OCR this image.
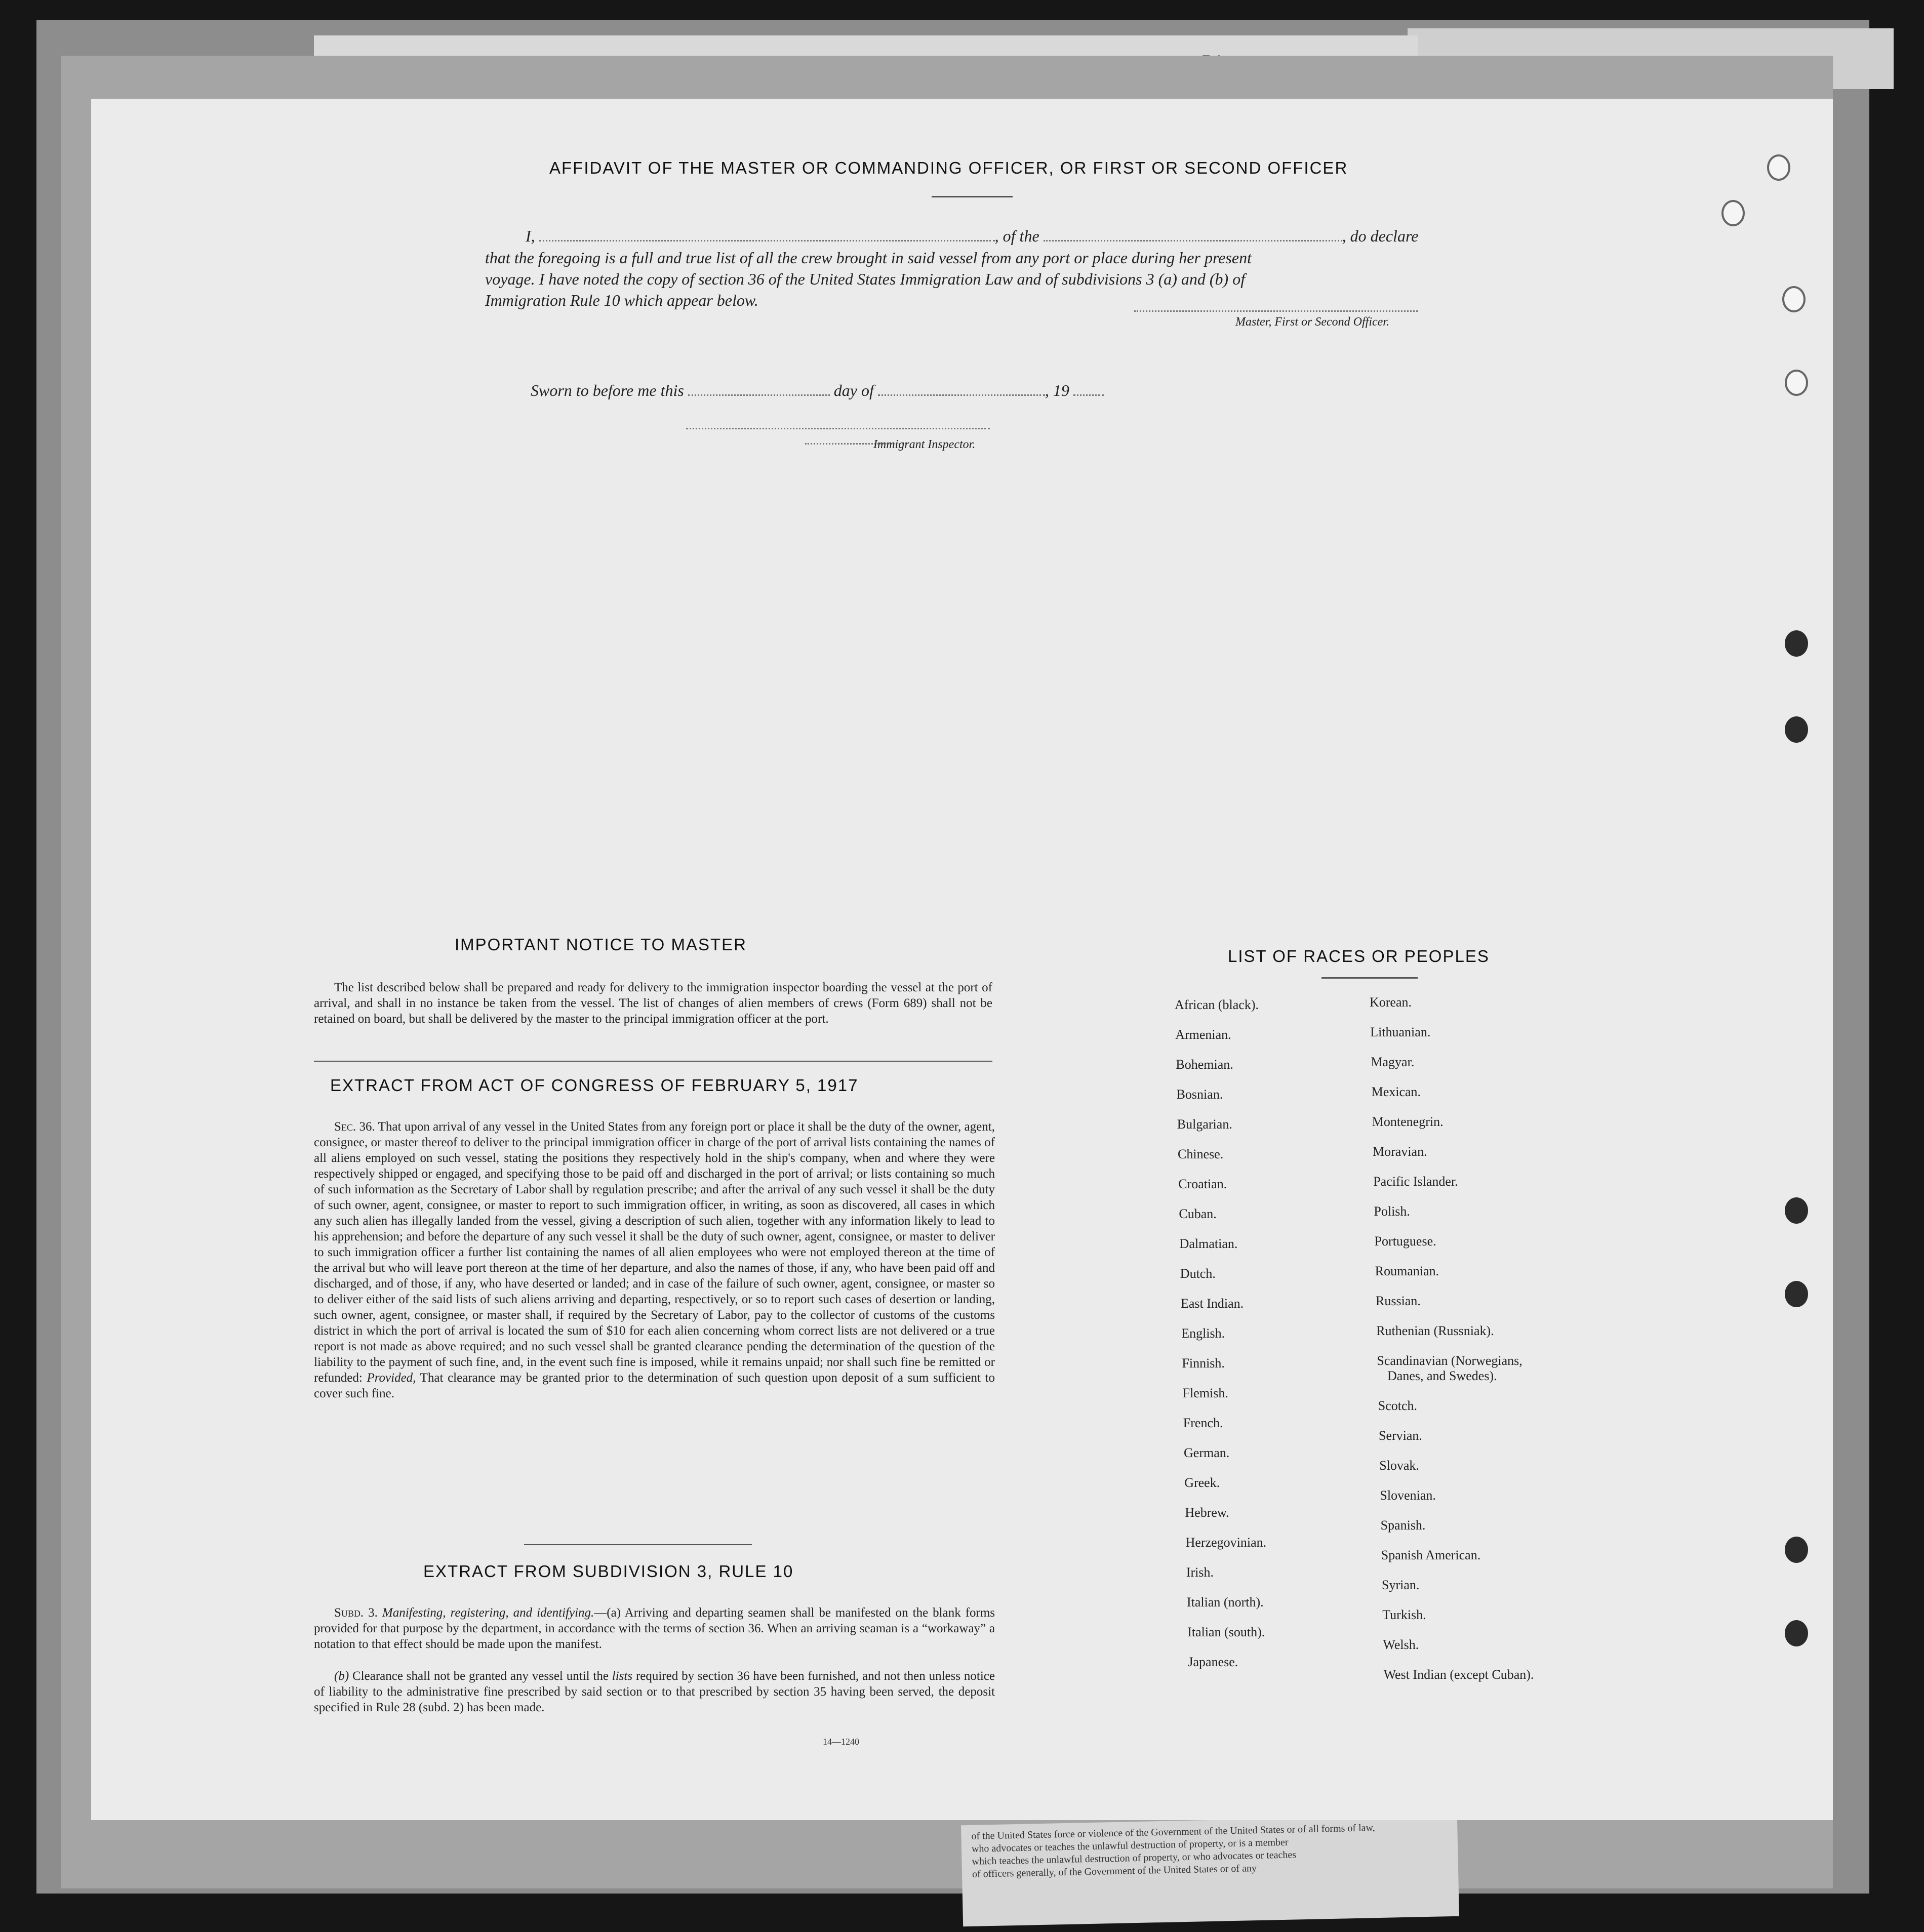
of the United States force or violence of the Government of the United States or of all forms of law,
who advocates or teaches the unlawful destruction of property, or is a member
which teaches the unlawful destruction of property, or who advocates or teaches
of officers generally, of the Government of the United States or of any
AFFIDAVIT OF THE MASTER OR COMMANDING OFFICER, OR FIRST OR SECOND OFFICER
I,	, of the	, do declare
that the foregoing is a full and true list of all the crew brought in said vessel from any port or place during her present
voyage. I have noted the copy of section 36 of the United States Immigration Law and of subdivisions 3 (a) and (b) of
Immigration Rule 10 which appear below.
Master, First or Second Officer.
Sworn to before me this	day of	, 19
Immigrant Inspector.
IMPORTANT NOTICE TO MASTER
The list described below shall be prepared and ready for delivery to the immigration inspector boarding the vessel at the port of arrival, and shall in no instance be taken from the vessel. The list of changes of alien members of crews (Form 689) shall not be retained on board, but shall be delivered by the master to the principal immigration officer at the port.
EXTRACT FROM ACT OF CONGRESS OF FEBRUARY 5, 1917
Sec. 36. That upon arrival of any vessel in the United States from any foreign port or place it shall be the duty of the owner, agent, consignee, or master thereof to deliver to the principal immigration officer in charge of the port of arrival lists containing the names of all aliens employed on such vessel, stating the positions they respectively hold in the ship's company, when and where they were respectively shipped or engaged, and specifying those to be paid off and discharged in the port of arrival; or lists containing so much of such information as the Secretary of Labor shall by regulation prescribe; and after the arrival of any such vessel it shall be the duty of such owner, agent, consignee, or master to report to such immigration officer, in writing, as soon as discovered, all cases in which any such alien has illegally landed from the vessel, giving a description of such alien, together with any information likely to lead to his apprehension; and before the departure of any such vessel it shall be the duty of such owner, agent, consignee, or master to deliver to such immigration officer a further list containing the names of all alien employees who were not employed thereon at the time of the arrival but who will leave port thereon at the time of her departure, and also the names of those, if any, who have been paid off and discharged, and of those, if any, who have deserted or landed; and in case of the failure of such owner, agent, consignee, or master so to deliver either of the said lists of such aliens arriving and departing, respectively, or so to report such cases of desertion or landing, such owner, agent, consignee, or master shall, if required by the Secretary of Labor, pay to the collector of customs of the customs district in which the port of arrival is located the sum of $10 for each alien concerning whom correct lists are not delivered or a true report is not made as above required; and no such vessel shall be granted clearance pending the determination of the question of the liability to the payment of such fine, and, in the event such fine is imposed, while it remains unpaid; nor shall such fine be remitted or refunded: Provided, That clearance may be granted prior to the determination of such question upon deposit of a sum sufficient to cover such fine.
EXTRACT FROM SUBDIVISION 3, RULE 10
Subd. 3. Manifesting, registering, and identifying.—(a) Arriving and departing seamen shall be manifested on the blank forms provided for that purpose by the department, in accordance with the terms of section 36. When an arriving seaman is a “workaway” a notation to that effect should be made upon the manifest.
(b) Clearance shall not be granted any vessel until the lists required by section 36 have been furnished, and not then unless notice of liability to the administrative fine prescribed by said section or to that prescribed by section 35 having been served, the deposit specified in Rule 28 (subd. 2) has been made.
14—1240
LIST OF RACES OR PEOPLES
African (black).
Armenian.
Bohemian.
Bosnian.
Bulgarian.
Chinese.
Croatian.
Cuban.
Dalmatian.
Dutch.
East Indian.
English.
Finnish.
Flemish.
French.
German.
Greek.
Hebrew.
Herzegovinian.
Irish.
Italian (north).
Italian (south).
Japanese.
Korean.
Lithuanian.
Magyar.
Mexican.
Montenegrin.
Moravian.
Pacific Islander.
Polish.
Portuguese.
Roumanian.
Russian.
Ruthenian (Russniak).
Scandinavian (Norwegians,
Danes, and Swedes).
Scotch.
Servian.
Slovak.
Slovenian.
Spanish.
Spanish American.
Syrian.
Turkish.
Welsh.
West Indian (except Cuban).
